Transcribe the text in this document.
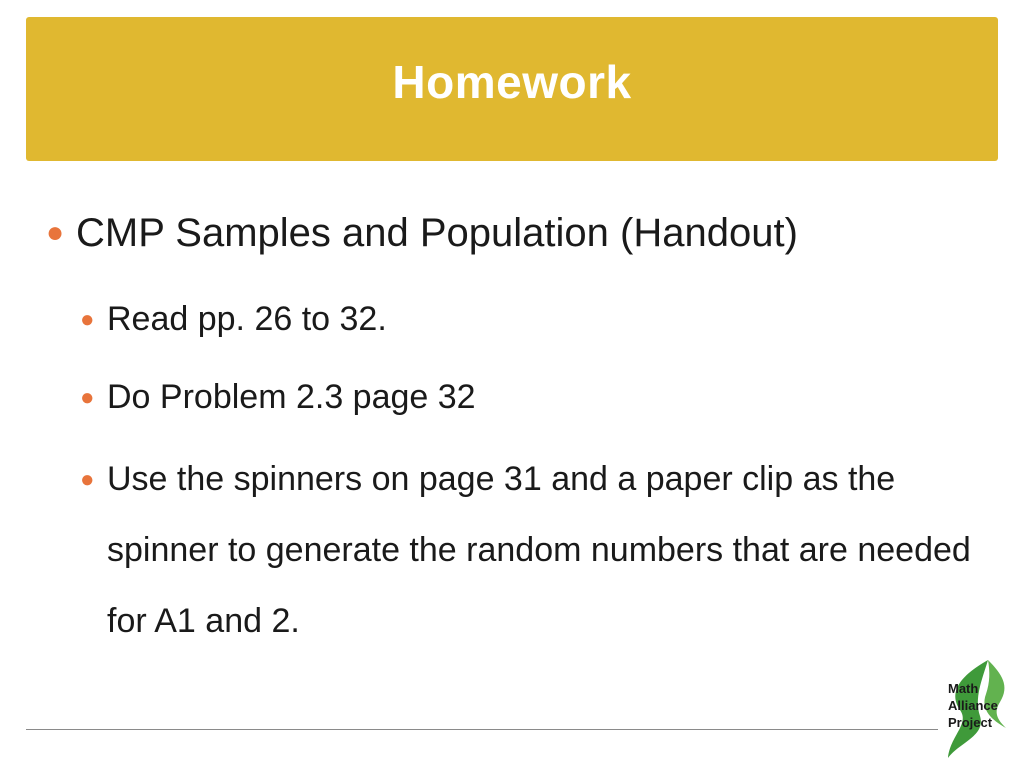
Homework
● CMP Samples and Population (Handout)
● Read pp. 26 to 32.
● Do Problem 2.3 page 32
● Use the spinners on page 31 and a paper clip as the spinner to generate the random numbers that are needed for A1 and 2.
Math
Alliance
Project
